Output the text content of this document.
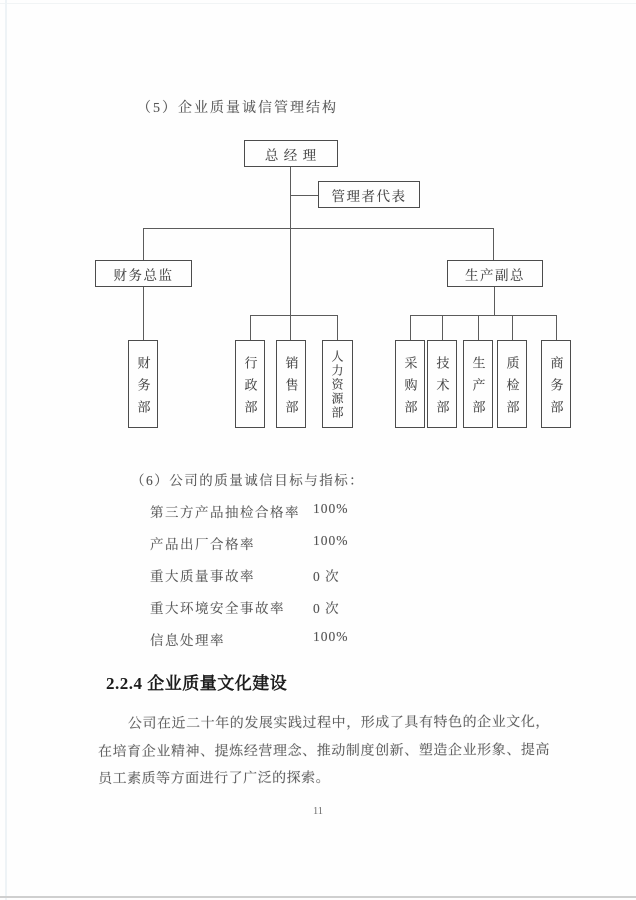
（5）企业质量诚信管理结构
总 经 理
管理者代表
财务总监	生产副总
财务部	行政部 销售部	人力资源部	采购部 技术部 生产部 质检部 商务部
（6）公司的质量诚信目标与指标：
第三方产品抽检合格率 100%
产品出厂合格率	100%
重大质量事故率	0 次
重大环境安全事故率 0 次
信息处理率	100%
2.2.4 企业质量文化建设

公司在近二十年的发展实践过程中，形成了具有特色的企业文化，在培育企业精神、提炼经营理念、推动制度创新、塑造企业形象、提高员工素质等方面进行了广泛的探索。

11
